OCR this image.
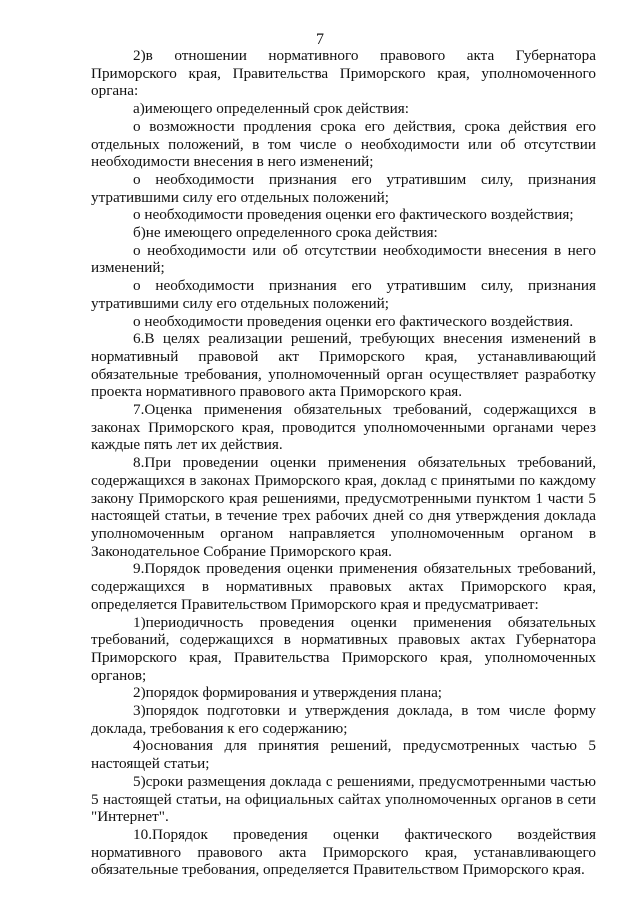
7

2)в отношении нормативного правового акта Губернатора Приморского края, Правительства Приморского края, уполномоченного органа:

а)имеющего определенный срок действия:

о возможности продления срока его действия, срока действия его отдельных положений, в том числе о необходимости или об отсутствии необходимости внесения в него изменений;

о необходимости признания его утратившим силу, признания утратившими силу его отдельных положений;

о необходимости проведения оценки его фактического воздействия;

б)не имеющего определенного срока действия:

о необходимости или об отсутствии необходимости внесения в него изменений;

о необходимости признания его утратившим силу, признания утратившими силу его отдельных положений;

о необходимости проведения оценки его фактического воздействия.

6.В целях реализации решений, требующих внесения изменений в нормативный правовой акт Приморского края, устанавливающий обязательные требования, уполномоченный орган осуществляет разработку проекта нормативного правового акта Приморского края.

7.Оценка применения обязательных требований, содержащихся в законах Приморского края, проводится уполномоченными органами через каждые пять лет их действия.

8.При проведении оценки применения обязательных требований, содержащихся в законах Приморского края, доклад с принятыми по каждому закону Приморского края решениями, предусмотренными пунктом 1 части 5 настоящей статьи, в течение трех рабочих дней со дня утверждения доклада уполномоченным органом направляется уполномоченным органом в Законодательное Собрание Приморского края.

9.Порядок проведения оценки применения обязательных требований, содержащихся в нормативных правовых актах Приморского края, определяется Правительством Приморского края и предусматривает:

1)периодичность проведения оценки применения обязательных требований, содержащихся в нормативных правовых актах Губернатора Приморского края, Правительства Приморского края, уполномоченных органов;

2)порядок формирования и утверждения плана;

3)порядок подготовки и утверждения доклада, в том числе форму доклада, требования к его содержанию;

4)основания для принятия решений, предусмотренных частью 5 настоящей статьи;

5)сроки размещения доклада с решениями, предусмотренными частью 5 настоящей статьи, на официальных сайтах уполномоченных органов в сети "Интернет".

10.Порядок проведения оценки фактического воздействия нормативного правового акта Приморского края, устанавливающего обязательные требования, определяется Правительством Приморского края.
